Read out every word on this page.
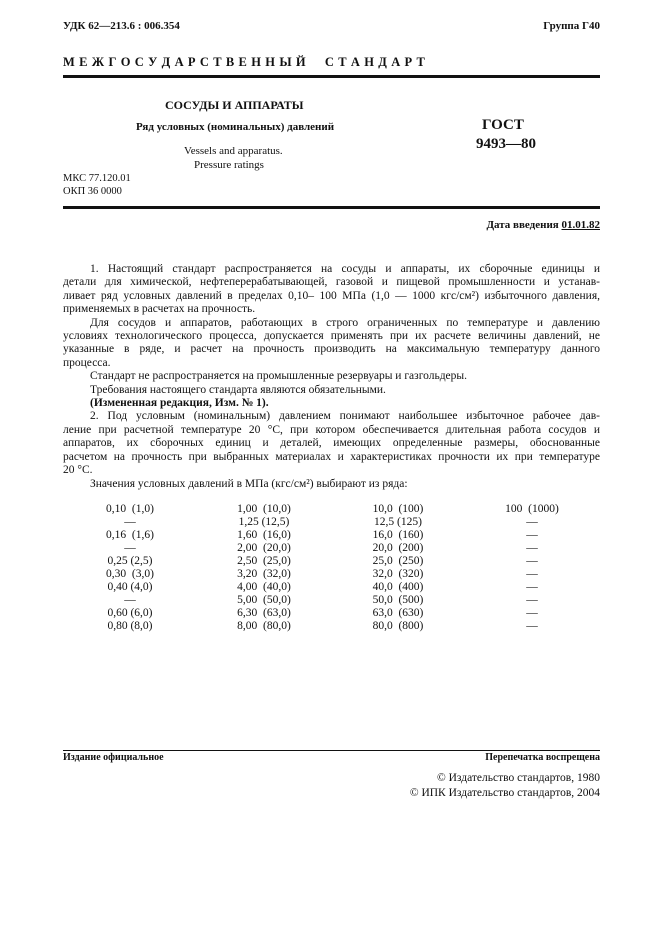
УДК 62—213.6 : 006.354	Группа Г40
М Е Ж Г О С У Д А Р С Т В Е Н Н Ы Й     С Т А Н Д А Р Т
СОСУДЫ И АППАРАТЫ
Ряд условных (номинальных) давлений
Vessels and apparatus.
Pressure ratings
ГОСТ
9493—80
МКС 77.120.01
ОКП 36 0000
Дата введения 01.01.82
1. Настоящий стандарт распространяется на сосуды и аппараты, их сборочные единицы и
детали для химической, нефтеперерабатывающей, газовой и пищевой промышленности и устанав-
ливает ряд условных давлений в пределах 0,10– 100 МПа (1,0 — 1000 кгс/см²) избыточного давления,
применяемых в расчетах на прочность.
Для сосудов и аппаратов, работающих в строго ограниченных по температуре и давлению
условиях технологического процесса, допускается применять при их расчете величины давлений, не
указанные в ряде, и расчет на прочность производить на максимальную температуру данного
процесса.
Стандарт не распространяется на промышленные резервуары и газгольдеры.
Требования настоящего стандарта являются обязательными.
(Измененная редакция, Изм. № 1).
2. Под условным (номинальным) давлением понимают наибольшее избыточное рабочее дав-
ление при расчетной температуре 20 °С, при котором обеспечивается длительная работа сосудов и
аппаратов, их сборочных единиц и деталей, имеющих определенные размеры, обоснованные
расчетом на прочность при выбранных материалах и характеристиках прочности их при температуре
20 °С.
Значения условных давлений в МПа (кгс/см²) выбирают из ряда:
0,10  (1,0)	1,00  (10,0)	10,0  (100)	100  (1000)
—	1,25 (12,5)	12,5 (125)	—
0,16  (1,6)	1,60  (16,0)	16,0  (160)	—
—	2,00  (20,0)	20,0  (200)	—
0,25 (2,5)	2,50  (25,0)	25,0  (250)	—
0,30  (3,0)	3,20  (32,0)	32,0  (320)	—
0,40 (4,0)	4,00  (40,0)	40,0  (400)	—
—	5,00  (50,0)	50,0  (500)	—
0,60 (6,0)	6,30  (63,0)	63,0  (630)	—
0,80 (8,0)	8,00  (80,0)	80,0  (800)	—
Издание официальное	Перепечатка воспрещена
© Издательство стандартов, 1980
© ИПК Издательство стандартов, 2004
